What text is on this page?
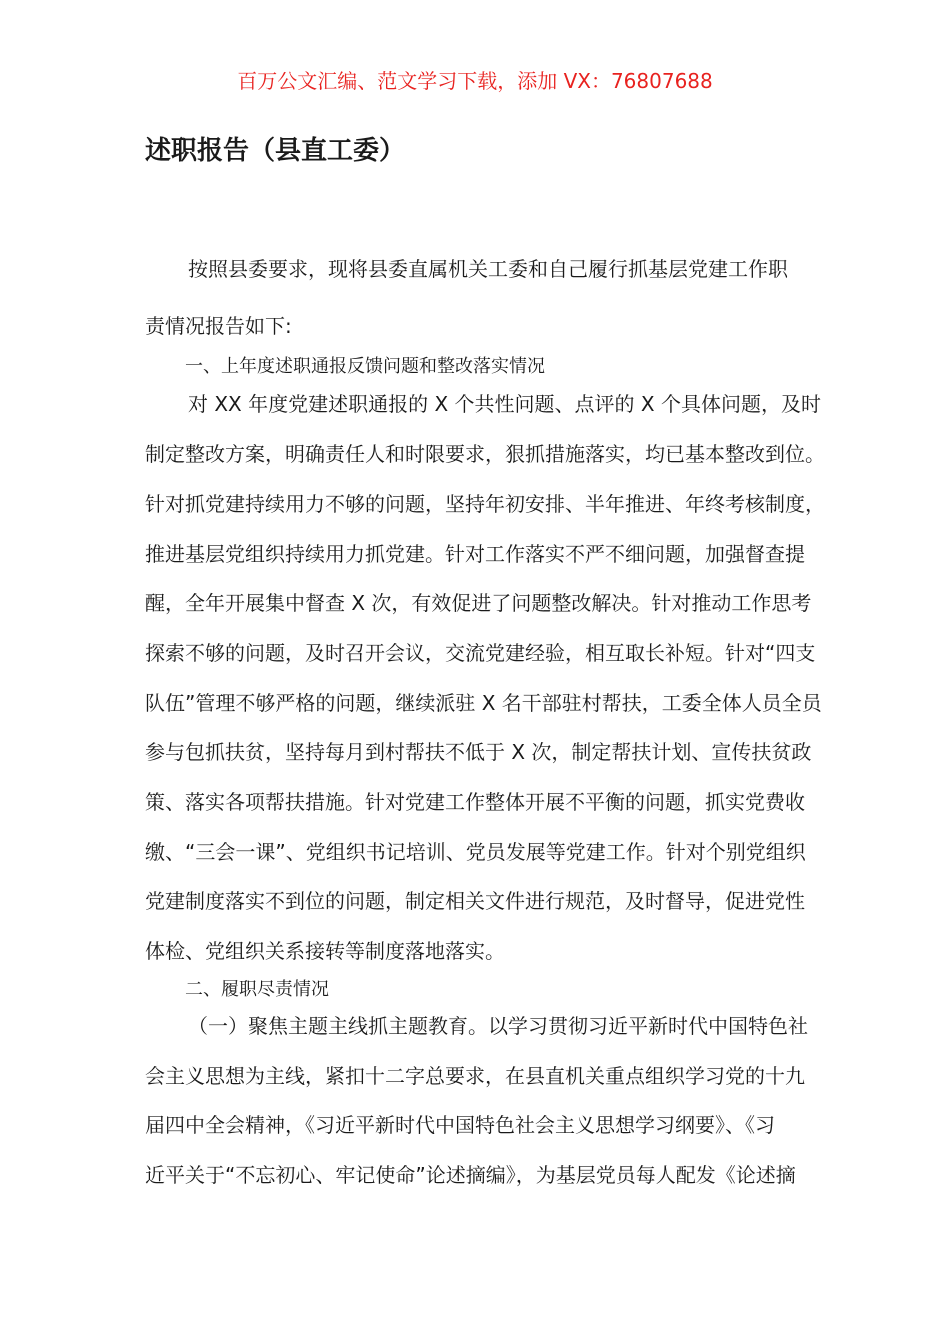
百万公文汇编、范文学习下载，添加 VX：76807688
述职报告（县直工委）
按照县委要求，现将县委直属机关工委和自己履行抓基层党建工作职
责情况报告如下:
一、上年度述职通报反馈问题和整改落实情况
对 XX 年度党建述职通报的 X 个共性问题、点评的 X 个具体问题，及时
制定整改方案，明确责任人和时限要求，狠抓措施落实，均已基本整改到位。
针对抓党建持续用力不够的问题，坚持年初安排、半年推进、年终考核制度，
推进基层党组织持续用力抓党建。针对工作落实不严不细问题，加强督查提
醒，全年开展集中督查 X 次，有效促进了问题整改解决。针对推动工作思考
探索不够的问题，及时召开会议，交流党建经验，相互取长补短。针对“四支
队伍”管理不够严格的问题，继续派驻 X 名干部驻村帮扶，工委全体人员全员
参与包抓扶贫，坚持每月到村帮扶不低于 X 次，制定帮扶计划、宣传扶贫政
策、落实各项帮扶措施。针对党建工作整体开展不平衡的问题，抓实党费收
缴、“三会一课”、党组织书记培训、党员发展等党建工作。针对个别党组织
党建制度落实不到位的问题，制定相关文件进行规范，及时督导，促进党性
体检、党组织关系接转等制度落地落实。
二、履职尽责情况
（一）聚焦主题主线抓主题教育。以学习贯彻习近平新时代中国特色社
会主义思想为主线，紧扣十二字总要求，在县直机关重点组织学习党的十九
届四中全会精神，《习近平新时代中国特色社会主义思想学习纲要》、《习
近平关于“不忘初心、牢记使命”论述摘编》，为基层党员每人配发《论述摘
